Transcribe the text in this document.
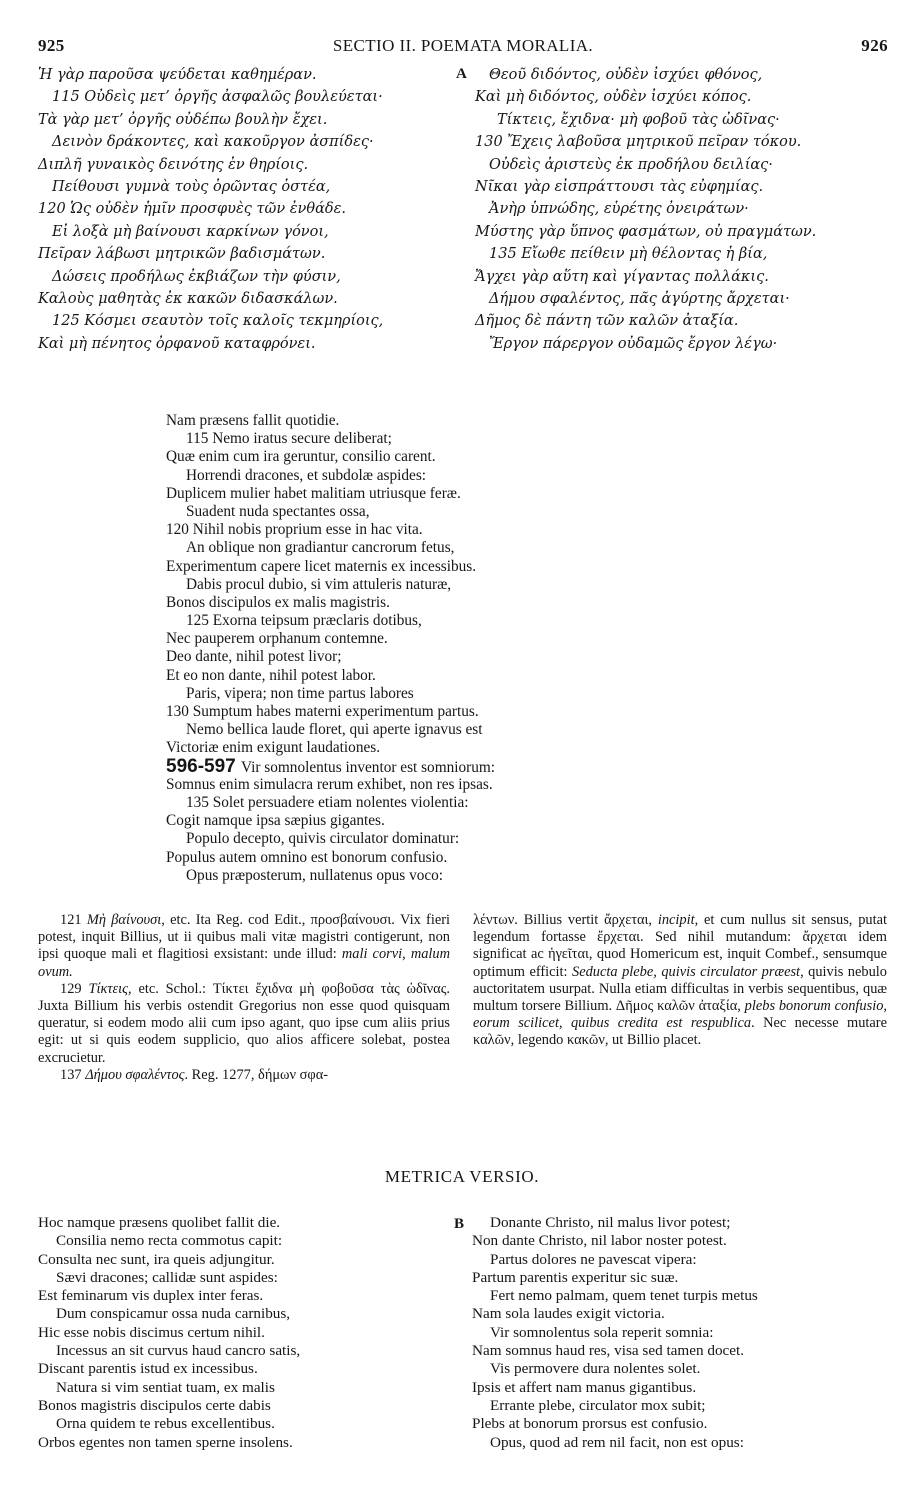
925	SECTIO II. POEMATA MORALIA.	926
Ἡ γὰρ παροῦσα ψεύδεται καθημέραν.
115 Οὐδεὶς μετ’ ὀργῆς ἀσφαλῶς βουλεύεται·
Τὰ γὰρ μετ’ ὀργῆς οὐδέπω βουλὴν ἔχει.
Δεινὸν δράκοντες, καὶ κακοῦργον ἀσπίδες·
Διπλῆ γυναικὸς δεινότης ἐν θηρίοις.
Πείθουσι γυμνὰ τοὺς ὁρῶντας ὀστέα,
120 Ὡς οὐδὲν ἡμῖν προσφυὲς τῶν ἐνθάδε.
Εἰ λοξὰ μὴ βαίνουσι καρκίνων γόνοι,
Πεῖραν λάβωσι μητρικῶν βαδισμάτων.
Δώσεις προδήλως ἐκβιάζων τὴν φύσιν,
Καλοὺς μαθητὰς ἐκ κακῶν διδασκάλων.
125 Κόσμει σεαυτὸν τοῖς καλοῖς τεκμηρίοις,
Καὶ μὴ πένητος ὀρφανοῦ καταφρόνει.
A	Θεοῦ διδόντος, οὐδὲν ἰσχύει φθόνος,
Καὶ μὴ διδόντος, οὐδὲν ἰσχύει κόπος.
Τίκτεις, ἔχιδνα· μὴ φοβοῦ τὰς ὠδῖνας·
130 Ἔχεις λαβοῦσα μητρικοῦ πεῖραν τόκου.
Οὐδεὶς ἀριστεὺς ἐκ προδήλου δειλίας·
Νῖκαι γὰρ εἰσπράττουσι τὰς εὐφημίας.
Ἀνὴρ ὑπνώδης, εὑρέτης ὀνειράτων·
Μύστης γὰρ ὕπνος φασμάτων, οὐ πραγμάτων.
135 Εἴωθε πείθειν μὴ θέλοντας ἡ βία,
Ἄγχει γὰρ αὕτη καὶ γίγαντας πολλάκις.
Δήμου σφαλέντος, πᾶς ἀγύρτης ἄρχεται·
Δῆμος δὲ πάντη τῶν καλῶν ἀταξία.
Ἔργον πάρεργον οὐδαμῶς ἔργον λέγω·
Nam præsens fallit quotidie.
115 Nemo iratus secure deliberat;
Quæ enim cum ira geruntur, consilio carent.
Horrendi dracones, et subdolæ aspides:
Duplicem mulier habet malitiam utriusque feræ.
Suadent nuda spectantes ossa,
120 Nihil nobis proprium esse in hac vita.
An oblique non gradiantur cancrorum fetus,
Experimentum capere licet maternis ex incessibus.
Dabis procul dubio, si vim attuleris naturæ,
Bonos discipulos ex malis magistris.
125 Exorna teipsum præclaris dotibus,
Nec pauperem orphanum contemne.
Deo dante, nihil potest livor;
Et eo non dante, nihil potest labor.
Paris, vipera; non time partus labores
130 Sumptum habes materni experimentum partus.
Nemo bellica laude floret, qui aperte ignavus est
Victoriæ enim exigunt laudationes.
596-597 Vir somnolentus inventor est somniorum:
Somnus enim simulacra rerum exhibet, non res ipsas.
135 Solet persuadere etiam nolentes violentia:
Cogit namque ipsa sæpius gigantes.
Populo decepto, quivis circulator dominatur:
Populus autem omnino est bonorum confusio.
Opus præposterum, nullatenus opus voco:

121 Μὴ βαίνουσι, etc. Ita Reg. cod Edit., προσβαίνουσι. Vix fieri potest, inquit Billius, ut ii quibus mali vitæ magistri contigerunt, non ipsi quoque mali et flagitiosi exsistant: unde illud: mali corvi, malum ovum.

129 Τίκτεις, etc. Schol.: Τίκτει ἔχιδνα μὴ φοβοῦσα τὰς ὠδῖνας. Juxta Billium his verbis ostendit Gregorius non esse quod quisquam queratur, si eodem modo alii cum ipso agant, quo ipse cum aliis prius egit: ut si quis eodem supplicio, quo alios afficere solebat, postea excrucietur.

137 Δήμου σφαλέντος. Reg. 1277, δήμων σφα-

λέντων. Billius vertit ἄρχεται, incipit, et cum nullus sit sensus, putat legendum fortasse ἔρχεται. Sed nihil mutandum: ἄρχεται idem significat ac ἡγεῖται, quod Homericum est, inquit Combef., sensumque optimum efficit: Seducta plebe, quivis circulator præest, quivis nebulo auctoritatem usurpat. Nulla etiam difficultas in verbis sequentibus, quæ multum torsere Billium. Δῆμος καλῶν ἀταξία, plebs bonorum confusio, eorum scilicet, quibus credita est respublica. Nec necesse mutare καλῶν, legendo κακῶν, ut Billio placet.

METRICA VERSIO.
Hoc namque præsens quolibet fallit die.
Consilia nemo recta commotus capit:
Consulta nec sunt, ira queis adjungitur.
Sævi dracones; callidæ sunt aspides:
Est feminarum vis duplex inter feras.
Dum conspicamur ossa nuda carnibus,
Hic esse nobis discimus certum nihil.
Incessus an sit curvus haud cancro satis,
Discant parentis istud ex incessibus.
Natura si vim sentiat tuam, ex malis
Bonos magistris discipulos certe dabis
Orna quidem te rebus excellentibus.
Orbos egentes non tamen sperne insolens.
B	Donante Christo, nil malus livor potest;
Non dante Christo, nil labor noster potest.
Partus dolores ne pavescat vipera:
Partum parentis experitur sic suæ.
Fert nemo palmam, quem tenet turpis metus
Nam sola laudes exigit victoria.
Vir somnolentus sola reperit somnia:
Nam somnus haud res, visa sed tamen docet.
Vis permovere dura nolentes solet.
Ipsis et affert nam manus gigantibus.
Errante plebe, circulator mox subit;
Plebs at bonorum prorsus est confusio.
Opus, quod ad rem nil facit, non est opus:
